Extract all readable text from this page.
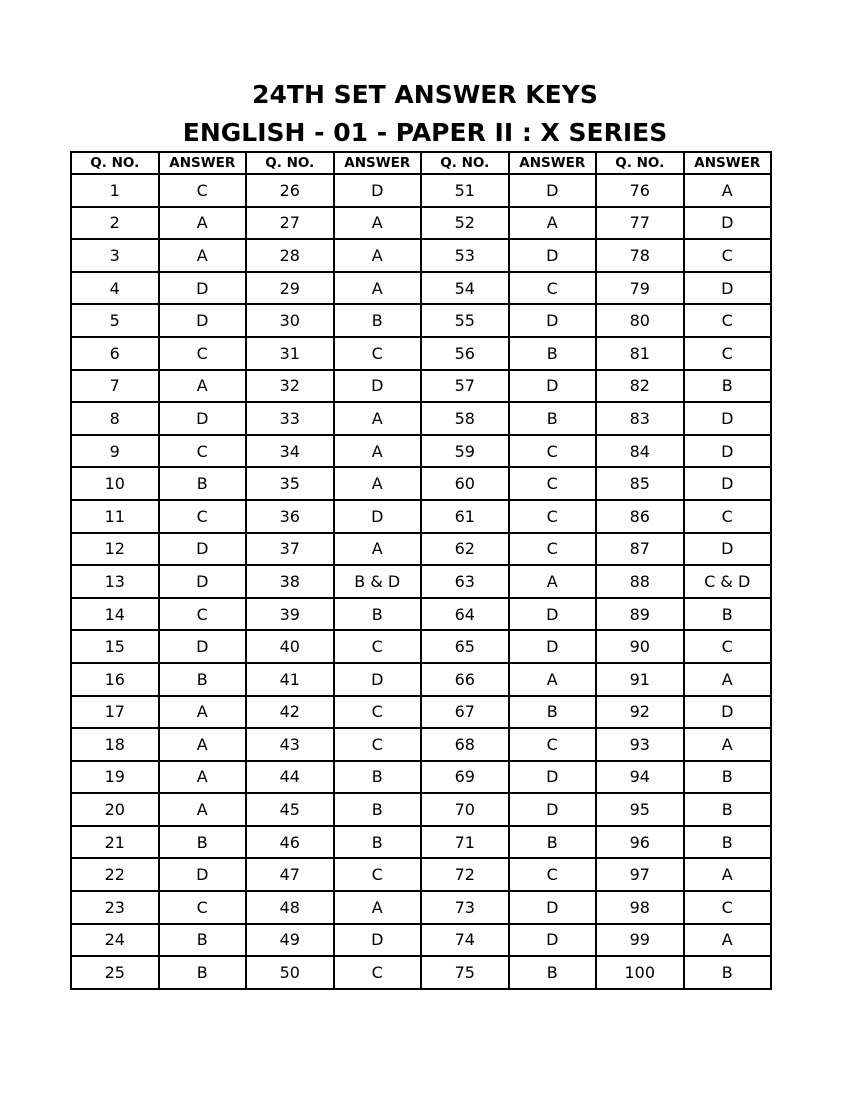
24TH SET ANSWER KEYS
ENGLISH - 01 - PAPER II : X SERIES
Q. NO.	ANSWER	Q. NO.	ANSWER	Q. NO.	ANSWER	Q. NO.	ANSWER
1	C	26	D	51	D	76	A
2	A	27	A	52	A	77	D
3	A	28	A	53	D	78	C
4	D	29	A	54	C	79	D
5	D	30	B	55	D	80	C
6	C	31	C	56	B	81	C
7	A	32	D	57	D	82	B
8	D	33	A	58	B	83	D
9	C	34	A	59	C	84	D
10	B	35	A	60	C	85	D
11	C	36	D	61	C	86	C
12	D	37	A	62	C	87	D
13	D	38	B & D	63	A	88	C & D
14	C	39	B	64	D	89	B
15	D	40	C	65	D	90	C
16	B	41	D	66	A	91	A
17	A	42	C	67	B	92	D
18	A	43	C	68	C	93	A
19	A	44	B	69	D	94	B
20	A	45	B	70	D	95	B
21	B	46	B	71	B	96	B
22	D	47	C	72	C	97	A
23	C	48	A	73	D	98	C
24	B	49	D	74	D	99	A
25	B	50	C	75	B	100	B
